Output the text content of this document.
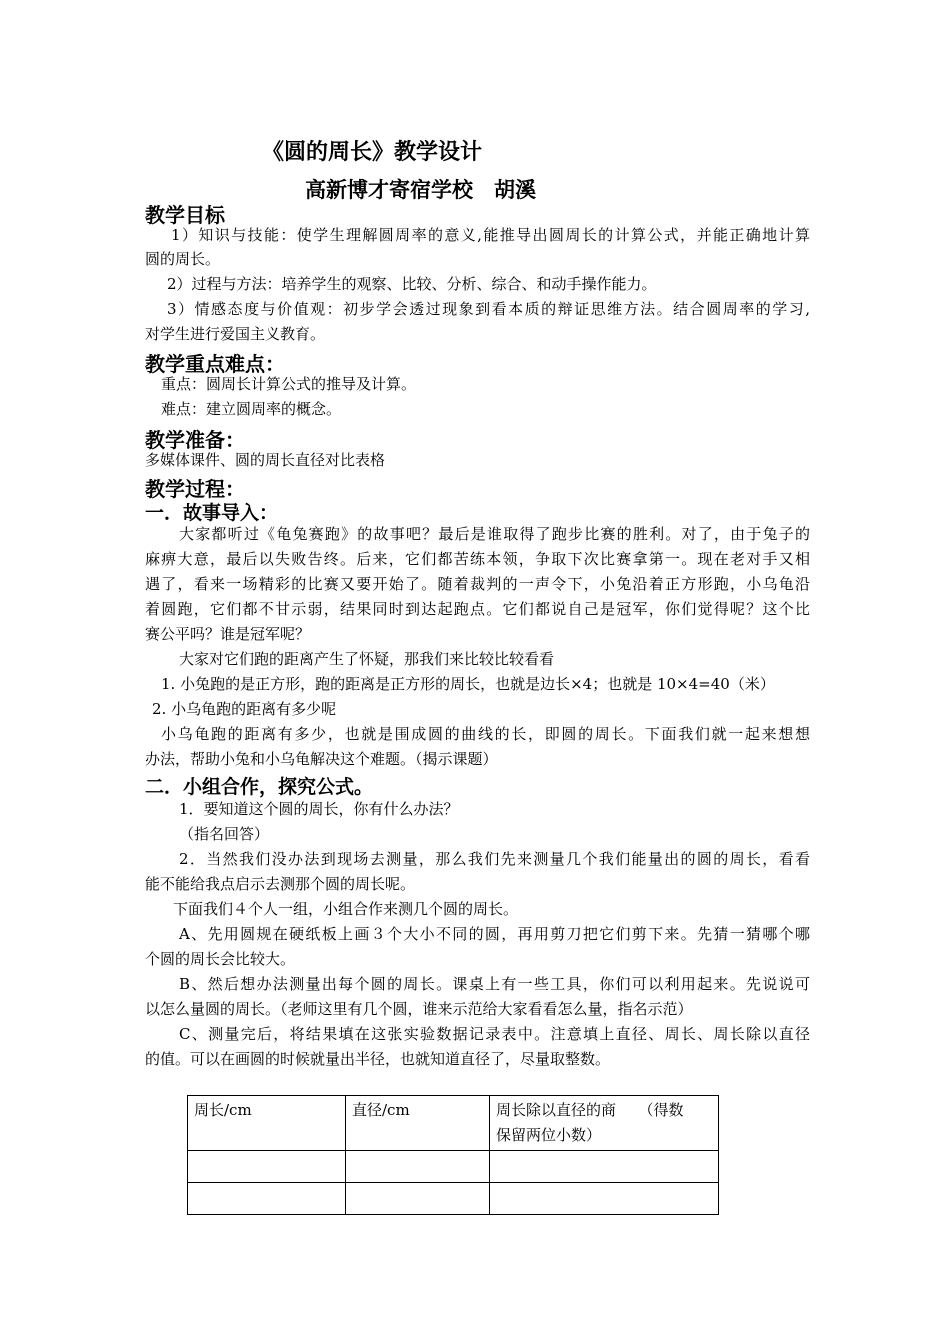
《圆的周长》教学设计
高新博才寄宿学校　胡溪
教学目标
1）知识与技能：使学生理解圆周率的意义,能推导出圆周长的计算公式，并能正确地计算
圆的周长。
2）过程与方法：培养学生的观察、比较、分析、综合、和动手操作能力。
3）情感态度与价值观：初步学会透过现象到看本质的辩证思维方法。结合圆周率的学习,
对学生进行爱国主义教育。
教学重点难点：
重点：圆周长计算公式的推导及计算。
难点：建立圆周率的概念。
教学准备：
多媒体课件、圆的周长直径对比表格
教学过程：
一．故事导入：
大家都听过《龟兔赛跑》的故事吧？最后是谁取得了跑步比赛的胜利。对了，由于兔子的
麻痹大意，最后以失败告终。后来，它们都苦练本领，争取下次比赛拿第一。现在老对手又相
遇了，看来一场精彩的比赛又要开始了。随着裁判的一声令下，小兔沿着正方形跑，小乌龟沿
着圆跑，它们都不甘示弱，结果同时到达起跑点。它们都说自己是冠军，你们觉得呢？这个比
赛公平吗？谁是冠军呢？
大家对它们跑的距离产生了怀疑，那我们来比较比较看看
1. 小兔跑的是正方形，跑的距离是正方形的周长，也就是边长×4；也就是 10×4=40（米）
2. 小乌龟跑的距离有多少呢
小乌龟跑的距离有多少，也就是围成圆的曲线的长，即圆的周长。下面我们就一起来想想
办法，帮助小兔和小乌龟解决这个难题。（揭示课题）
二．小组合作，探究公式。
1．要知道这个圆的周长，你有什么办法？
（指名回答）
2．当然我们没办法到现场去测量，那么我们先来测量几个我们能量出的圆的周长，看看
能不能给我点启示去测那个圆的周长呢。
下面我们４个人一组，小组合作来测几个圆的周长。
A、先用圆规在硬纸板上画３个大小不同的圆，再用剪刀把它们剪下来。先猜一猜哪个哪
个圆的周长会比较大。
B、然后想办法测量出每个圆的周长。课桌上有一些工具，你们可以利用起来。先说说可
以怎么量圆的周长。（老师这里有几个圆，谁来示范给大家看看怎么量，指名示范）
C、测量完后，将结果填在这张实验数据记录表中。注意填上直径、周长、周长除以直径
的值。可以在画圆的时候就量出半径，也就知道直径了，尽量取整数。
周长/cm	直径/cm	周长除以直径的商　　（得数
保留两位小数）
